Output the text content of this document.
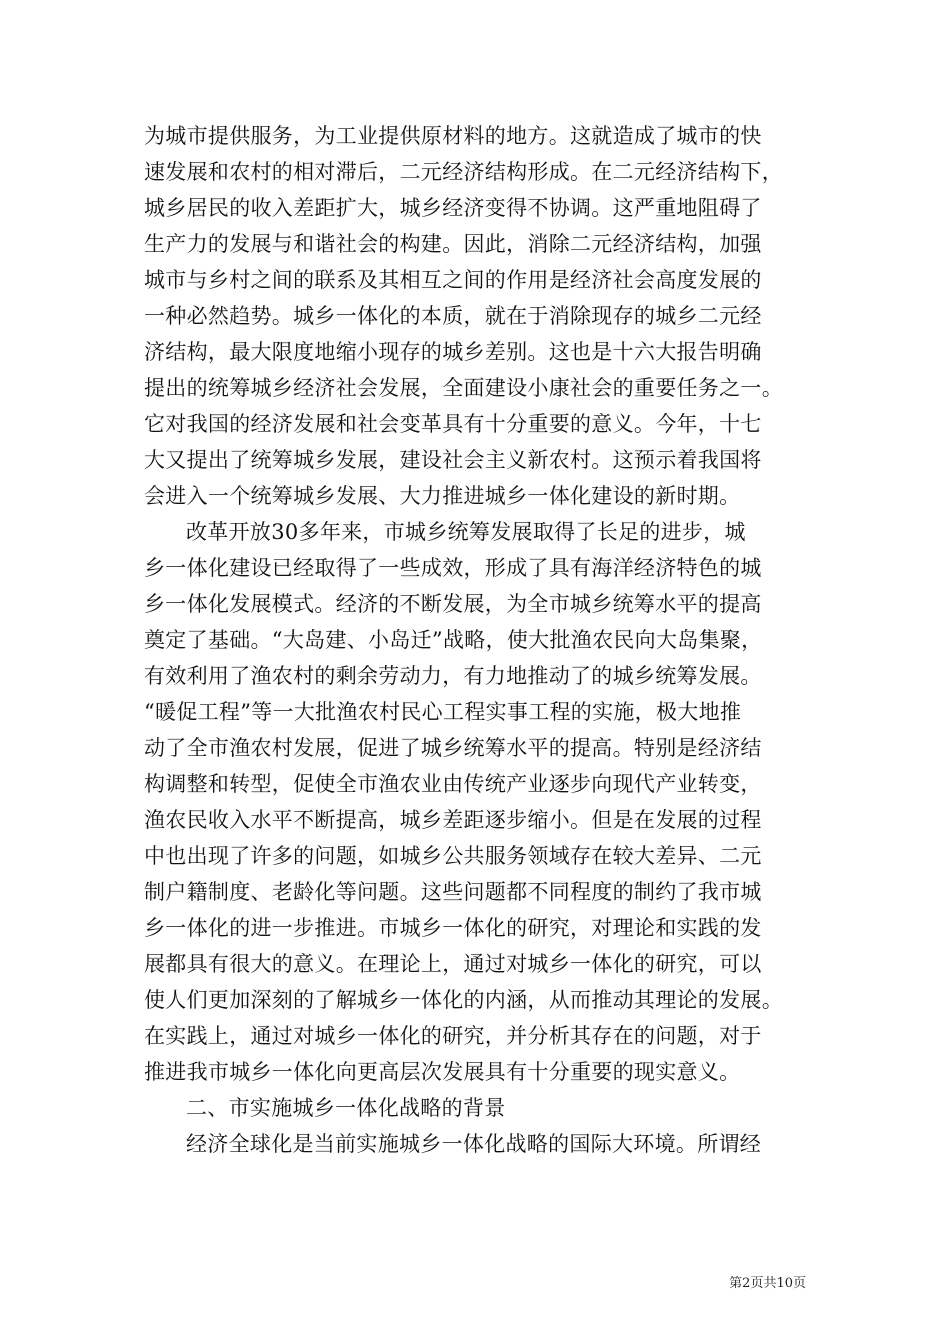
为城市提供服务，为工业提供原材料的地方。这就造成了城市的快
速发展和农村的相对滞后，二元经济结构形成。在二元经济结构下，
城乡居民的收入差距扩大，城乡经济变得不协调。这严重地阻碍了
生产力的发展与和谐社会的构建。因此，消除二元经济结构，加强
城市与乡村之间的联系及其相互之间的作用是经济社会高度发展的
一种必然趋势。城乡一体化的本质，就在于消除现存的城乡二元经
济结构，最大限度地缩小现存的城乡差别。这也是十六大报告明确
提出的统筹城乡经济社会发展，全面建设小康社会的重要任务之一。
它对我国的经济发展和社会变革具有十分重要的意义。今年，十七
大又提出了统筹城乡发展，建设社会主义新农村。这预示着我国将
会进入一个统筹城乡发展、大力推进城乡一体化建设的新时期。
改革开放30多年来，市城乡统筹发展取得了长足的进步，城
乡一体化建设已经取得了一些成效，形成了具有海洋经济特色的城
乡一体化发展模式。经济的不断发展，为全市城乡统筹水平的提高
奠定了基础。“大岛建、小岛迁”战略，使大批渔农民向大岛集聚，
有效利用了渔农村的剩余劳动力，有力地推动了的城乡统筹发展。
“暖促工程”等一大批渔农村民心工程实事工程的实施，极大地推
动了全市渔农村发展，促进了城乡统筹水平的提高。特别是经济结
构调整和转型，促使全市渔农业由传统产业逐步向现代产业转变，
渔农民收入水平不断提高，城乡差距逐步缩小。但是在发展的过程
中也出现了许多的问题，如城乡公共服务领域存在较大差异、二元
制户籍制度、老龄化等问题。这些问题都不同程度的制约了我市城
乡一体化的进一步推进。市城乡一体化的研究，对理论和实践的发
展都具有很大的意义。在理论上，通过对城乡一体化的研究，可以
使人们更加深刻的了解城乡一体化的内涵，从而推动其理论的发展。
在实践上，通过对城乡一体化的研究，并分析其存在的问题，对于
推进我市城乡一体化向更高层次发展具有十分重要的现实意义。
二、市实施城乡一体化战略的背景
经济全球化是当前实施城乡一体化战略的国际大环境。所谓经
第2页共10页
